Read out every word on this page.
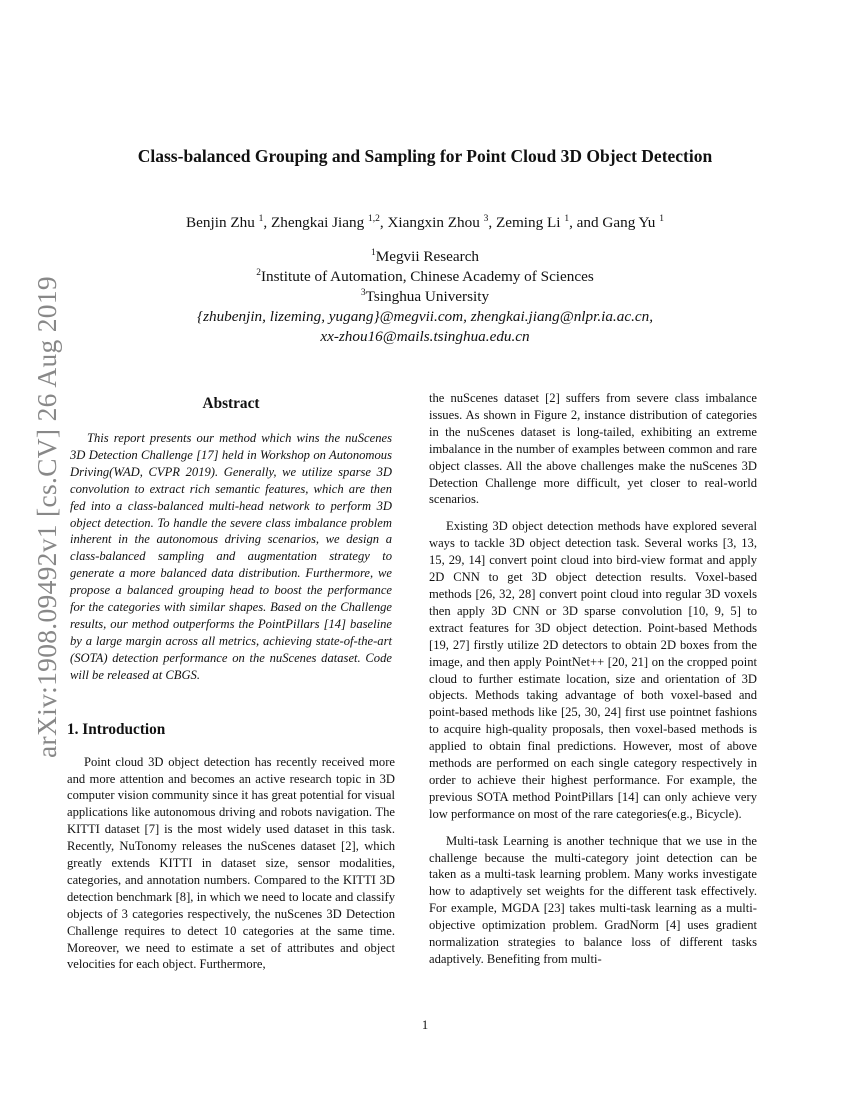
arXiv:1908.09492v1 [cs.CV] 26 Aug 2019
Class-balanced Grouping and Sampling for Point Cloud 3D Object Detection
Benjin Zhu $^1$, Zhengkai Jiang $^{1,2}$, Xiangxin Zhou $^3$, Zeming Li $^1$, and Gang Yu $^1$
$^1$Megvii Research
$^2$Institute of Automation, Chinese Academy of Sciences
$^3$Tsinghua University
{zhubenjin, lizeming, yugang}@megvii.com, zhengkai.jiang@nlpr.ia.ac.cn,
xx-zhou16@mails.tsinghua.edu.cn
Abstract

This report presents our method which wins the nuScenes 3D Detection Challenge [17] held in Workshop on Autonomous Driving(WAD, CVPR 2019). Generally, we utilize sparse 3D convolution to extract rich semantic features, which are then fed into a class-balanced multi-head network to perform 3D object detection. To handle the severe class imbalance problem inherent in the autonomous driving scenarios, we design a class-balanced sampling and augmentation strategy to generate a more balanced data distribution. Furthermore, we propose a balanced grouping head to boost the performance for the categories with similar shapes. Based on the Challenge results, our method outperforms the PointPillars [14] baseline by a large margin across all metrics, achieving state-of-the-art (SOTA) detection performance on the nuScenes dataset. Code will be released at CBGS.

1. Introduction

Point cloud 3D object detection has recently received more and more attention and becomes an active research topic in 3D computer vision community since it has great potential for visual applications like autonomous driving and robots navigation. The KITTI dataset [7] is the most widely used dataset in this task. Recently, NuTonomy releases the nuScenes dataset [2], which greatly extends KITTI in dataset size, sensor modalities, categories, and annotation numbers. Compared to the KITTI 3D detection benchmark [8], in which we need to locate and classify objects of 3 categories respectively, the nuScenes 3D Detection Challenge requires to detect 10 categories at the same time. Moreover, we need to estimate a set of attributes and object velocities for each object. Furthermore,

the nuScenes dataset [2] suffers from severe class imbalance issues. As shown in Figure 2, instance distribution of categories in the nuScenes dataset is long-tailed, exhibiting an extreme imbalance in the number of examples between common and rare object classes. All the above challenges make the nuScenes 3D Detection Challenge more difficult, yet closer to real-world scenarios.

Existing 3D object detection methods have explored several ways to tackle 3D object detection task. Several works [3, 13, 15, 29, 14] convert point cloud into bird-view format and apply 2D CNN to get 3D object detection results. Voxel-based methods [26, 32, 28] convert point cloud into regular 3D voxels then apply 3D CNN or 3D sparse convolution [10, 9, 5] to extract features for 3D object detection. Point-based Methods [19, 27] firstly utilize 2D detectors to obtain 2D boxes from the image, and then apply PointNet++ [20, 21] on the cropped point cloud to further estimate location, size and orientation of 3D objects. Methods taking advantage of both voxel-based and point-based methods like [25, 30, 24] first use pointnet fashions to acquire high-quality proposals, then voxel-based methods is applied to obtain final predictions. However, most of above methods are performed on each single category respectively in order to achieve their highest performance. For example, the previous SOTA method PointPillars [14] can only achieve very low performance on most of the rare categories(e.g., Bicycle).

Multi-task Learning is another technique that we use in the challenge because the multi-category joint detection can be taken as a multi-task learning problem. Many works investigate how to adaptively set weights for the different task effectively. For example, MGDA [23] takes multi-task learning as a multi-objective optimization problem. GradNorm [4] uses gradient normalization strategies to balance loss of different tasks adaptively. Benefiting from multi-

1
